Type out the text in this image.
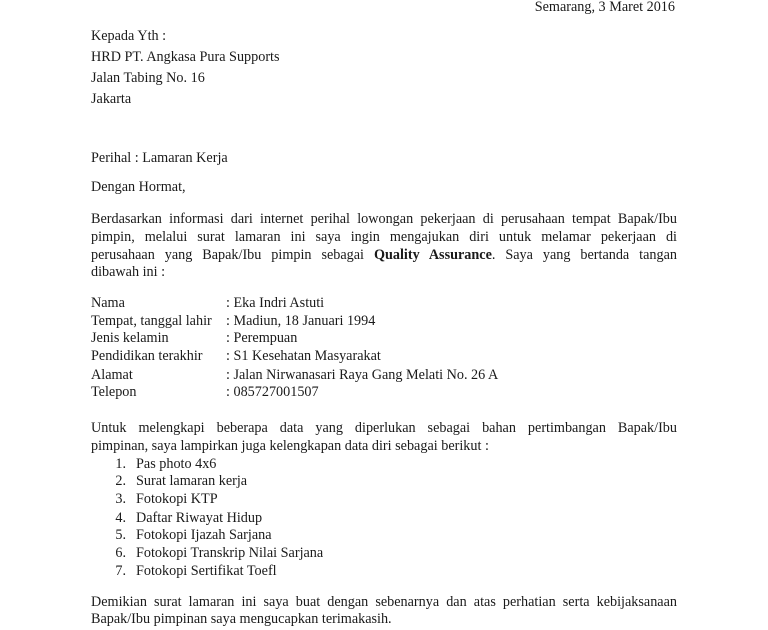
Semarang, 3 Maret 2016
Kepada Yth :
HRD PT. Angkasa Pura Supports
Jalan Tabing No. 16
Jakarta
Perihal : Lamaran Kerja
Dengan Hormat,
Berdasarkan informasi dari internet perihal lowongan pekerjaan di perusahaan tempat Bapak/Ibu
pimpin, melalui surat lamaran ini saya ingin mengajukan diri untuk melamar pekerjaan di
perusahaan yang Bapak/Ibu pimpin sebagai Quality Assurance. Saya yang bertanda tangan
dibawah ini :
Nama	: Eka Indri Astuti
Tempat, tanggal lahir : Madiun, 18 Januari 1994
Jenis kelamin	: Perempuan
Pendidikan terakhir : S1 Kesehatan Masyarakat
Alamat	: Jalan Nirwanasari Raya Gang Melati No. 26 A
Telepon	: 085727001507
Untuk melengkapi beberapa data yang diperlukan sebagai bahan pertimbangan Bapak/Ibu
pimpinan, saya lampirkan juga kelengkapan data diri sebagai berikut :
1. Pas photo 4x6
2. Surat lamaran kerja
3. Fotokopi KTP
4. Daftar Riwayat Hidup
5. Fotokopi Ijazah Sarjana
6. Fotokopi Transkrip Nilai Sarjana
7. Fotokopi Sertifikat Toefl
Demikian surat lamaran ini saya buat dengan sebenarnya dan atas perhatian serta kebijaksanaan
Bapak/Ibu pimpinan saya mengucapkan terimakasih.
